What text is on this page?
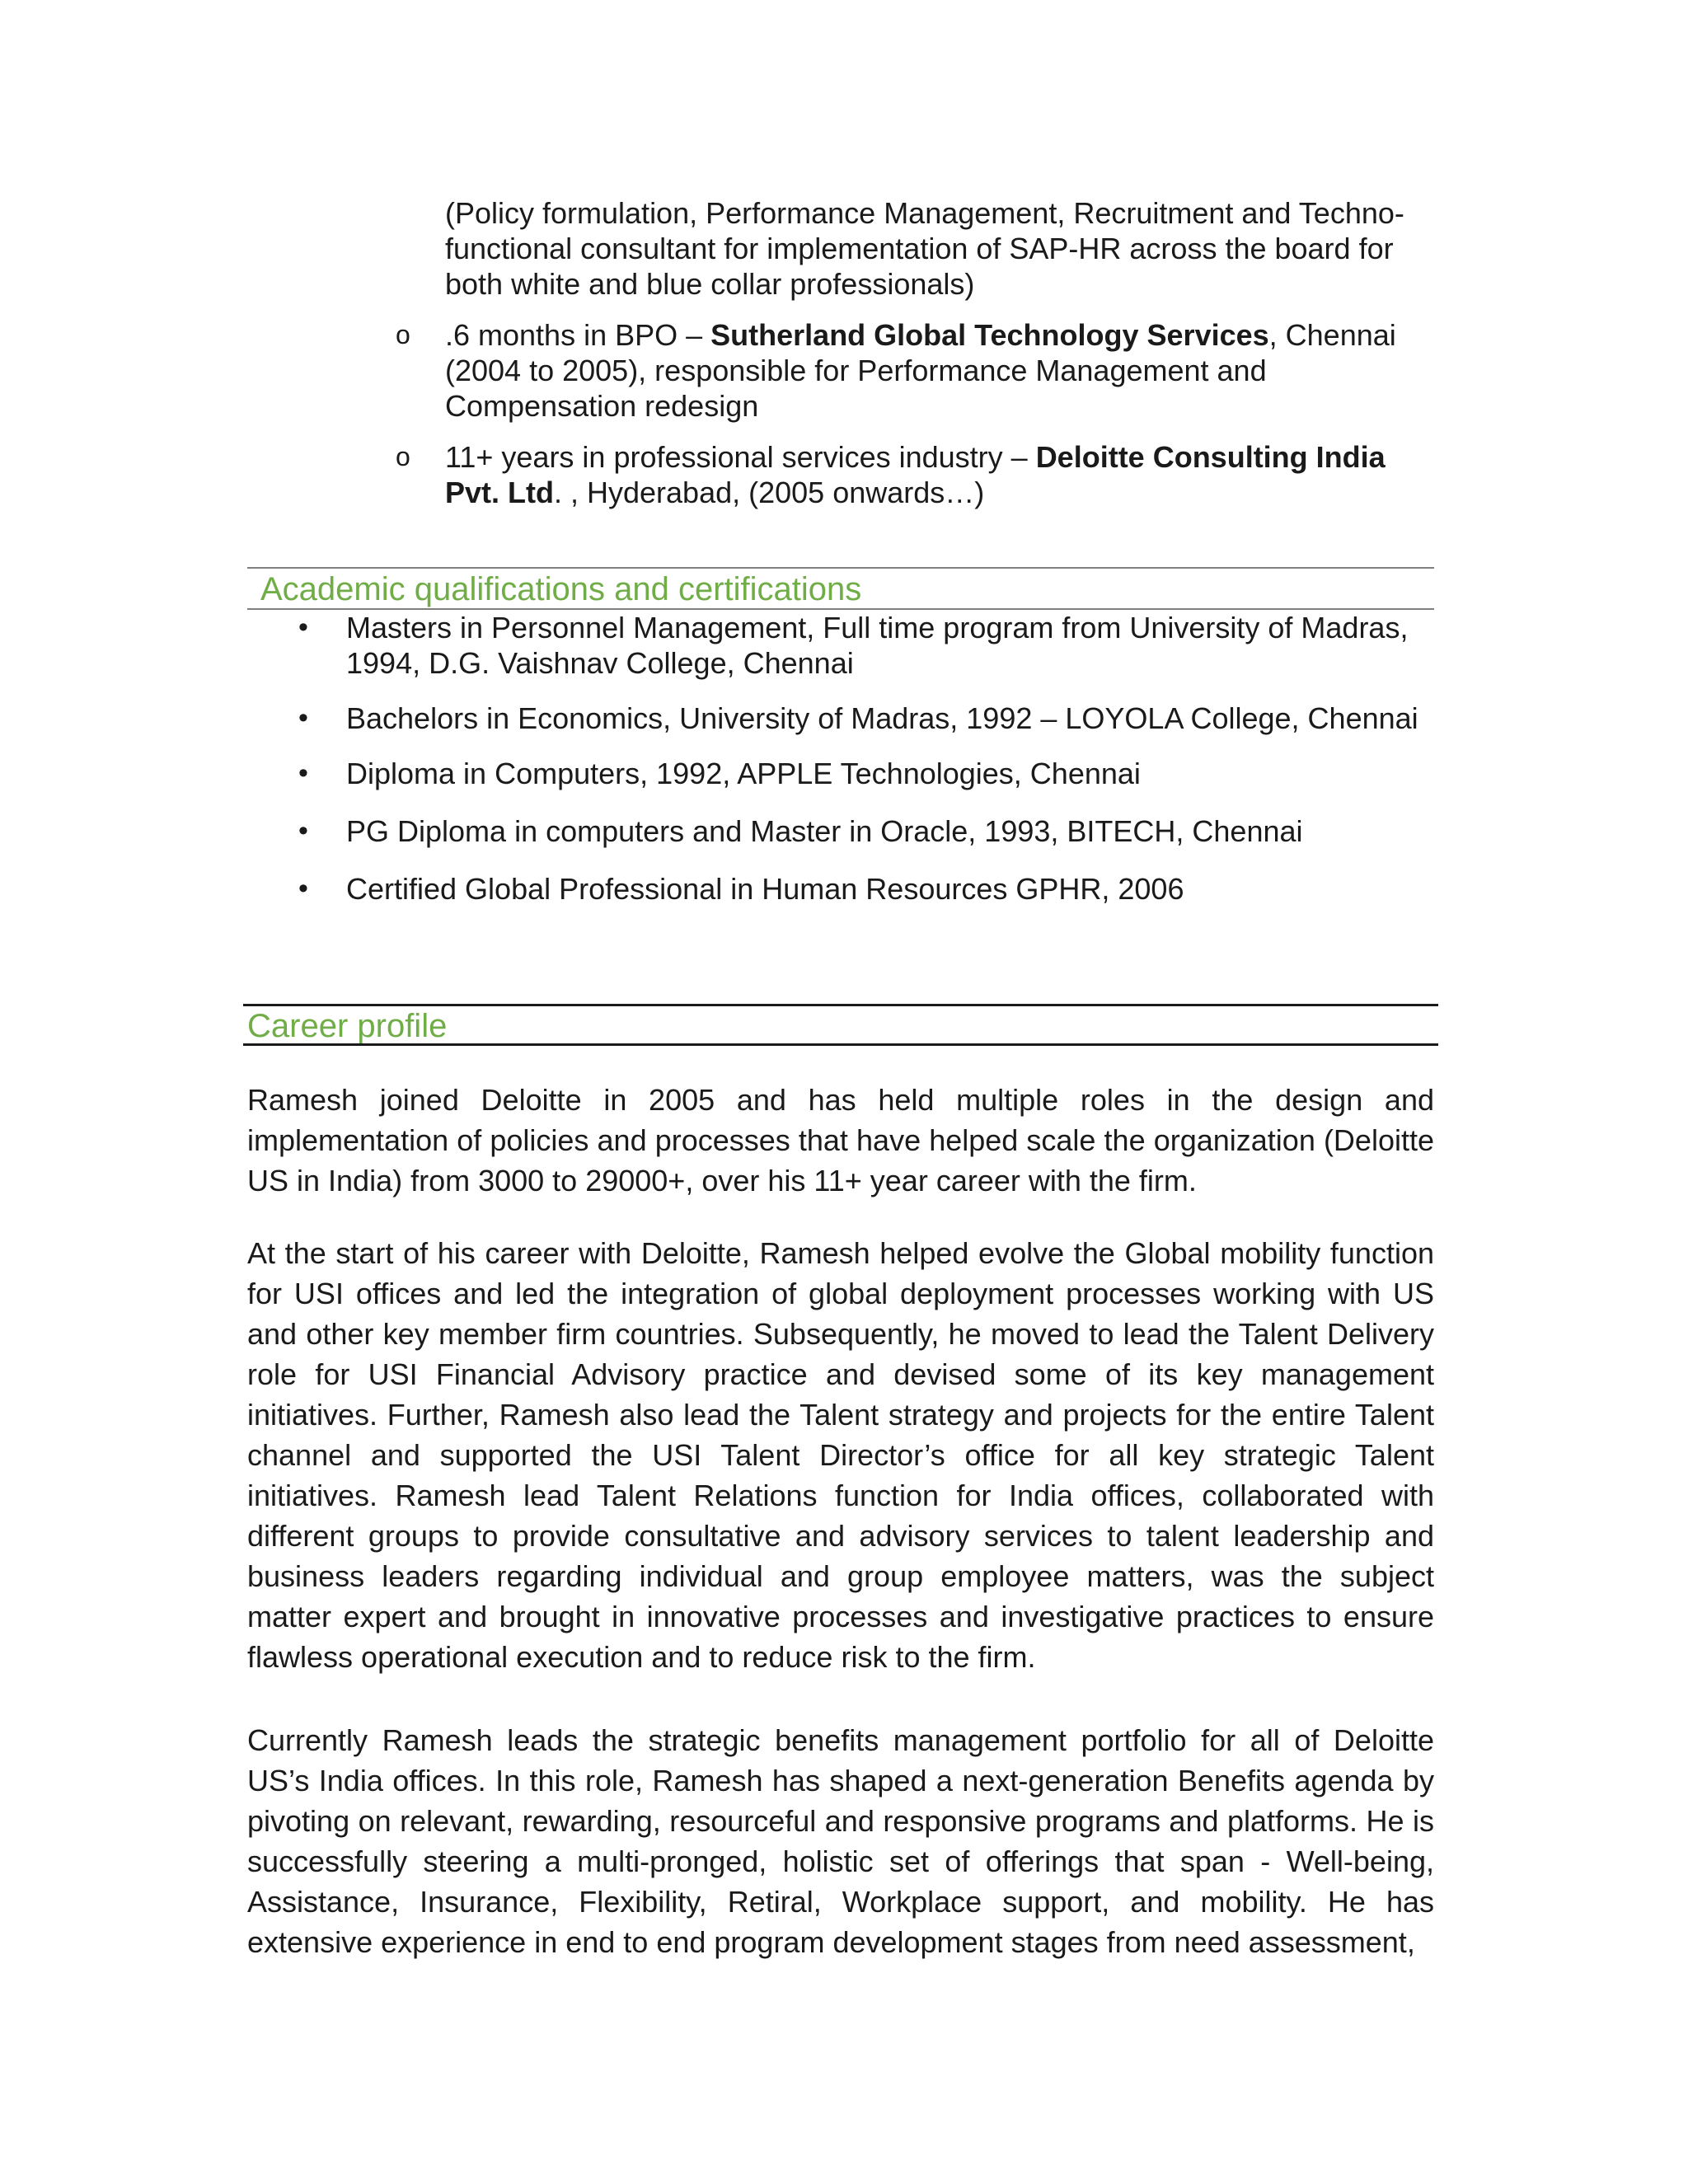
(Policy formulation, Performance Management, Recruitment and Techno-functional consultant for implementation of SAP-HR across the board for both white and blue collar professionals)
o	.6 months in BPO – Sutherland Global Technology Services, Chennai (2004 to 2005), responsible for Performance Management and Compensation redesign
o	11+ years in professional services industry – Deloitte Consulting India Pvt. Ltd. , Hyderabad, (2005 onwards…)
Academic qualifications and certifications
• Masters in Personnel Management, Full time program from University of Madras, 1994, D.G. Vaishnav College, Chennai
• Bachelors in Economics, University of Madras, 1992 – LOYOLA College, Chennai
• Diploma in Computers, 1992, APPLE Technologies, Chennai
• PG Diploma in computers and Master in Oracle, 1993, BITECH, Chennai
• Certified Global Professional in Human Resources GPHR, 2006
Career profile

Ramesh joined Deloitte in 2005 and has held multiple roles in the design and implementation of policies and processes that have helped scale the organization (Deloitte US in India) from 3000 to 29000+, over his 11+ year career with the firm.

At the start of his career with Deloitte, Ramesh helped evolve the Global mobility function for USI offices and led the integration of global deployment processes working with US and other key member firm countries. Subsequently, he moved to lead the Talent Delivery role for USI Financial Advisory practice and devised some of its key management initiatives. Further, Ramesh also lead the Talent strategy and projects for the entire Talent channel and supported the USI Talent Director’s office for all key strategic Talent initiatives. Ramesh lead Talent Relations function for India offices, collaborated with different groups to provide consultative and advisory services to talent leadership and business leaders regarding individual and group employee matters, was the subject matter expert and brought in innovative processes and investigative practices to ensure flawless operational execution and to reduce risk to the firm.

Currently Ramesh leads the strategic benefits management portfolio for all of Deloitte US’s India offices. In this role, Ramesh has shaped a next-generation Benefits agenda by pivoting on relevant, rewarding, resourceful and responsive programs and platforms. He is successfully steering a multi-pronged, holistic set of offerings that span - Well-being, Assistance, Insurance, Flexibility, Retiral, Workplace support, and mobility. He has extensive experience in end to end program development stages from need assessment,
